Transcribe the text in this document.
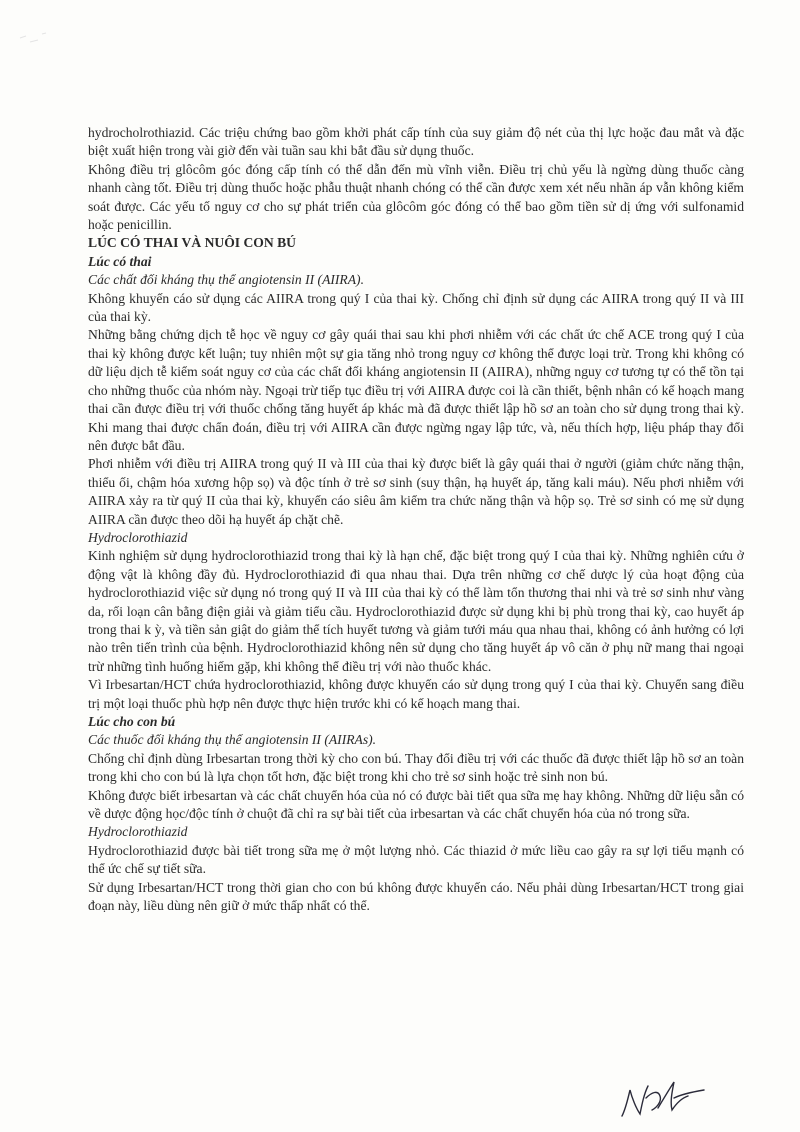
hydrocholrothiazid. Các triệu chứng bao gồm khởi phát cấp tính của suy giảm độ nét của thị lực hoặc đau mắt và đặc biệt xuất hiện trong vài giờ đến vài tuần sau khi bắt đầu sử dụng thuốc.

Không điều trị glôcôm góc đóng cấp tính có thể dẫn đến mù vĩnh viễn. Điều trị chủ yếu là ngừng dùng thuốc càng nhanh càng tốt. Điều trị dùng thuốc hoặc phẫu thuật nhanh chóng có thể cần được xem xét nếu nhãn áp vẫn không kiểm soát được. Các yếu tố nguy cơ cho sự phát triển của glôcôm góc đóng có thể bao gồm tiền sử dị ứng với sulfonamid hoặc penicillin.

LÚC CÓ THAI VÀ NUÔI CON BÚ

Lúc có thai

Các chất đối kháng thụ thể angiotensin II (AIIRA).

Không khuyến cáo sử dụng các AIIRA trong quý I của thai kỳ. Chống chỉ định sử dụng các AIIRA trong quý II và III của thai kỳ.

Những bằng chứng dịch tễ học về nguy cơ gây quái thai sau khi phơi nhiễm với các chất ức chế ACE trong quý I của thai kỳ không được kết luận; tuy nhiên một sự gia tăng nhỏ trong nguy cơ không thể được loại trừ. Trong khi không có dữ liệu dịch tễ kiểm soát nguy cơ của các chất đối kháng angiotensin II (AIIRA), những nguy cơ tương tự có thể tồn tại cho những thuốc của nhóm này. Ngoại trừ tiếp tục điều trị với AIIRA được coi là cần thiết, bệnh nhân có kế hoạch mang thai cần được điều trị với thuốc chống tăng huyết áp khác mà đã được thiết lập hồ sơ an toàn cho sử dụng trong thai kỳ. Khi mang thai được chẩn đoán, điều trị với AIIRA cần được ngừng ngay lập tức, và, nếu thích hợp, liệu pháp thay đổi nên được bắt đầu.

Phơi nhiễm với điều trị AIIRA trong quý II và III của thai kỳ được biết là gây quái thai ở người (giảm chức năng thận, thiểu ối, chậm hóa xương hộp sọ) và độc tính ở trẻ sơ sinh (suy thận, hạ huyết áp, tăng kali máu). Nếu phơi nhiễm với AIIRA xảy ra từ quý II của thai kỳ, khuyến cáo siêu âm kiểm tra chức năng thận và hộp sọ. Trẻ sơ sinh có mẹ sử dụng AIIRA cần được theo dõi hạ huyết áp chặt chẽ.

Hydroclorothiazid

Kinh nghiệm sử dụng hydroclorothiazid trong thai kỳ là hạn chế, đặc biệt trong quý I của thai kỳ. Những nghiên cứu ở động vật là không đầy đủ. Hydroclorothiazid đi qua nhau thai. Dựa trên những cơ chế dược lý của hoạt động của hydroclorothiazid việc sử dụng nó trong quý II và III của thai kỳ có thể làm tổn thương thai nhi và trẻ sơ sinh như vàng da, rối loạn cân bằng điện giải và giảm tiểu cầu. Hydroclorothiazid được sử dụng khi bị phù trong thai kỳ, cao huyết áp trong thai k ỳ, và tiền sản giật do giảm thể tích huyết tương và giảm tưới máu qua nhau thai, không có ảnh hưởng có lợi nào trên tiến trình của bệnh. Hydroclorothiazid không nên sử dụng cho tăng huyết áp vô căn ở phụ nữ mang thai ngoại trừ những tình huống hiếm gặp, khi không thể điều trị với nào thuốc khác.

Vì Irbesartan/HCT chứa hydroclorothiazid, không được khuyến cáo sử dụng trong quý I của thai kỳ. Chuyển sang điều trị một loại thuốc phù hợp nên được thực hiện trước khi có kế hoạch mang thai.

Lúc cho con bú

Các thuốc đối kháng thụ thể angiotensin II (AIIRAs).

Chống chỉ định dùng Irbesartan trong thời kỳ cho con bú. Thay đổi điều trị với các thuốc đã được thiết lập hồ sơ an toàn trong khi cho con bú là lựa chọn tốt hơn, đặc biệt trong khi cho trẻ sơ sinh hoặc trẻ sinh non bú.

Không được biết irbesartan và các chất chuyển hóa của nó có được bài tiết qua sữa mẹ hay không. Những dữ liệu sẵn có về dược động học/độc tính ở chuột đã chỉ ra sự bài tiết của irbesartan và các chất chuyển hóa của nó trong sữa.

Hydroclorothiazid

Hydroclorothiazid được bài tiết trong sữa mẹ ở một lượng nhỏ. Các thiazid ở mức liều cao gây ra sự lợi tiểu mạnh có thể ức chế sự tiết sữa.

Sử dụng Irbesartan/HCT trong thời gian cho con bú không được khuyến cáo. Nếu phải dùng Irbesartan/HCT trong giai đoạn này, liều dùng nên giữ ở mức thấp nhất có thể.
